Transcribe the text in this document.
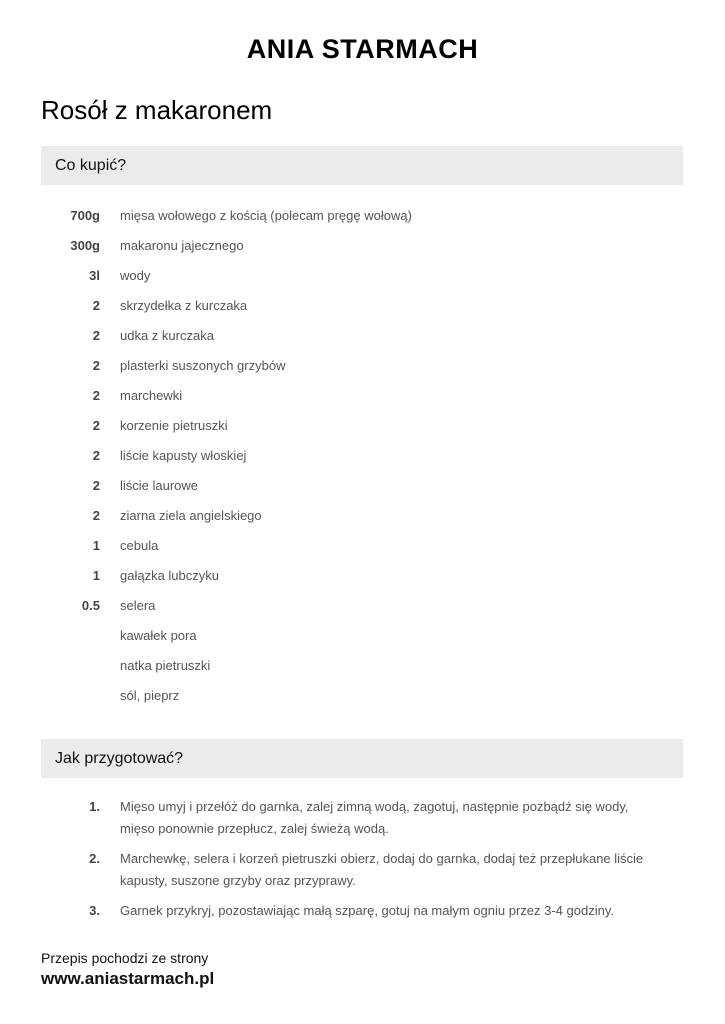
ANIA STARMACH
Rosół z makaronem
Co kupić?
700g mięsa wołowego z kością (polecam pręgę wołową)
300g makaronu jajecznego
3l wody
2 skrzydełka z kurczaka
2 udka z kurczaka
2 plasterki suszonych grzybów
2 marchewki
2 korzenie pietruszki
2 liście kapusty włoskiej
2 liście laurowe
2 ziarna ziela angielskiego
1 cebula
1 gałązka lubczyku
0.5 selera
kawałek pora
natka pietruszki
sól, pieprz
Jak przygotować?
1. Mięso umyj i przełóż do garnka, zalej zimną wodą, zagotuj, następnie pozbądź się wody, mięso ponownie przepłucz, zalej świeżą wodą.
2. Marchewkę, selera i korzeń pietruszki obierz, dodaj do garnka, dodaj też przepłukane liście kapusty, suszone grzyby oraz przyprawy.
3. Garnek przykryj, pozostawiając małą szparę, gotuj na małym ogniu przez 3-4 godziny.
Przepis pochodzi ze strony
www.aniastarmach.pl
